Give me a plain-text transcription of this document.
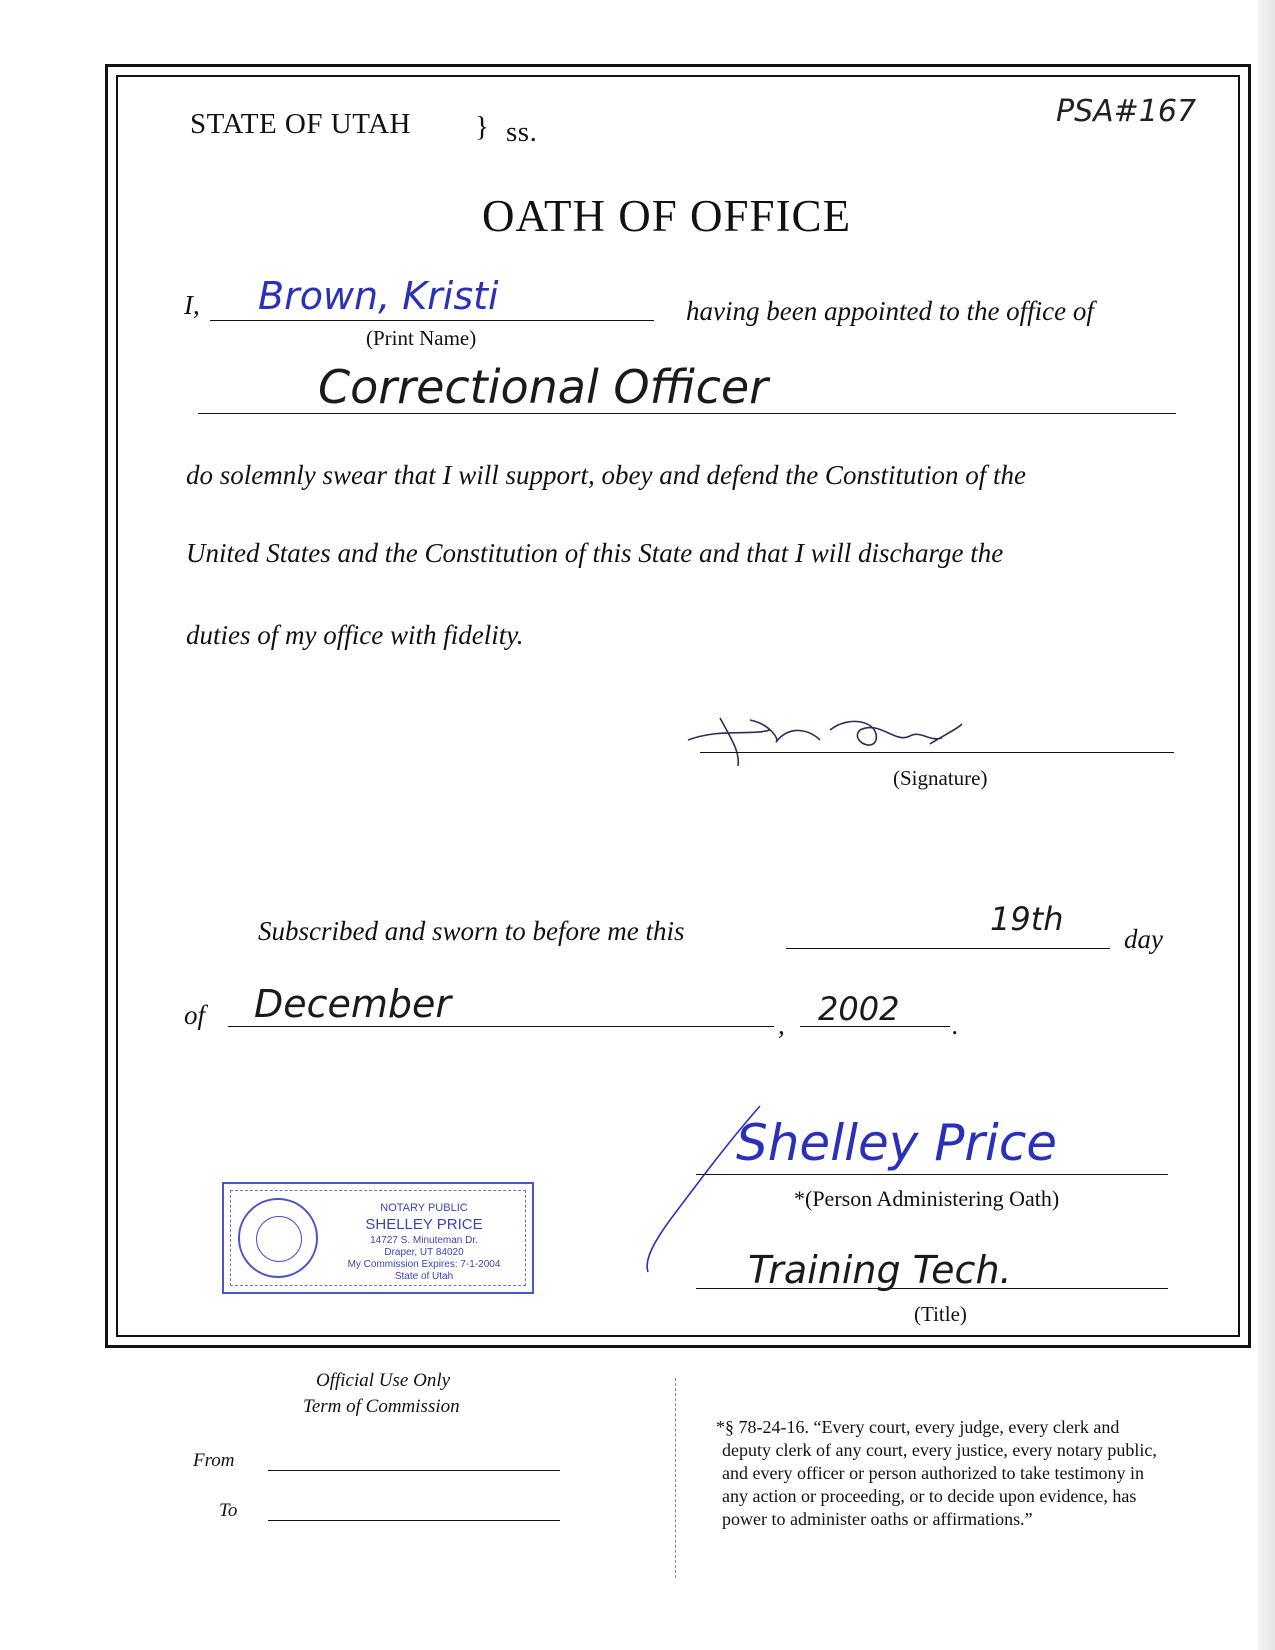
STATE OF UTAH } ss.
PSA#167
OATH OF OFFICE
I, Brown, Kristi
(Print Name)
having been appointed to the office of
Correctional Officer
do solemnly swear that I will support, obey and defend the Constitution of the
United States and the Constitution of this State and that I will discharge the
duties of my office with fidelity.
(Signature)
Subscribed and sworn to before me this	19th
day
of December	, 2002 .
Shelley Price
*(Person Administering Oath)
Training Tech.
(Title)
NOTARY PUBLIC
SHELLEY PRICE
14727 S. Minuteman Dr.
Draper, UT 84020
My Commission Expires: 7-1-2004
State of Utah
Official Use Only
Term of Commission
From
To
*§ 78-24-16. “Every court, every judge, every clerk and
deputy clerk of any court, every justice, every notary public,
and every officer or person authorized to take testimony in
any action or proceeding, or to decide upon evidence, has
power to administer oaths or affirmations.”
